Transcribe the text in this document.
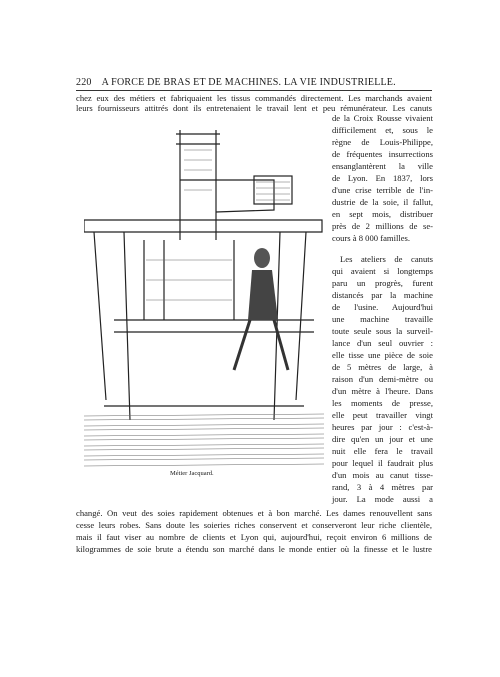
220 A FORCE DE BRAS ET DE MACHINES. LA VIE INDUSTRIELLE.
chez eux des métiers et fabriquaient les tissus commandés directement. Les marchands avaient
leurs fournisseurs attitrés dont ils entretenaient le travail lent et peu rémunérateur. Les canuts
Métier Jacquard.
de la Croix Rousse vivaient
difficilement et, sous le
règne de Louis-Philippe,
de fréquentes insurrections
ensanglantèrent la ville
de Lyon. En 1837, lors
d'une crise terrible de l'in-
dustrie de la soie, il fallut,
en sept mois, distribuer
près de 2 millions de se-
cours à 8 000 familles.
Les ateliers de canuts
qui avaient si longtemps
paru un progrès, furent
distancés par la machine
de l'usine. Aujourd'hui
une machine travaille
toute seule sous la surveil-
lance d'un seul ouvrier :
elle tisse une pièce de soie
de 5 mètres de large, à
raison d'un demi-mètre ou
d'un mètre à l'heure. Dans
les moments de presse,
elle peut travailler vingt
heures par jour : c'est-à-
dire qu'en un jour et une
nuit elle fera le travail
pour lequel il faudrait plus
d'un mois au canut tisse-
rand, 3 à 4 mètres par
jour. La mode aussi a
changé. On veut des soies rapidement obtenues et à bon marché. Les dames renouvellent sans
cesse leurs robes. Sans doute les soieries riches conservent et conserveront leur riche clientèle,
mais il faut viser au nombre de clients et Lyon qui, aujourd'hui, reçoit environ 6 millions de
kilogrammes de soie brute a étendu son marché dans le monde entier où la finesse et le lustre
